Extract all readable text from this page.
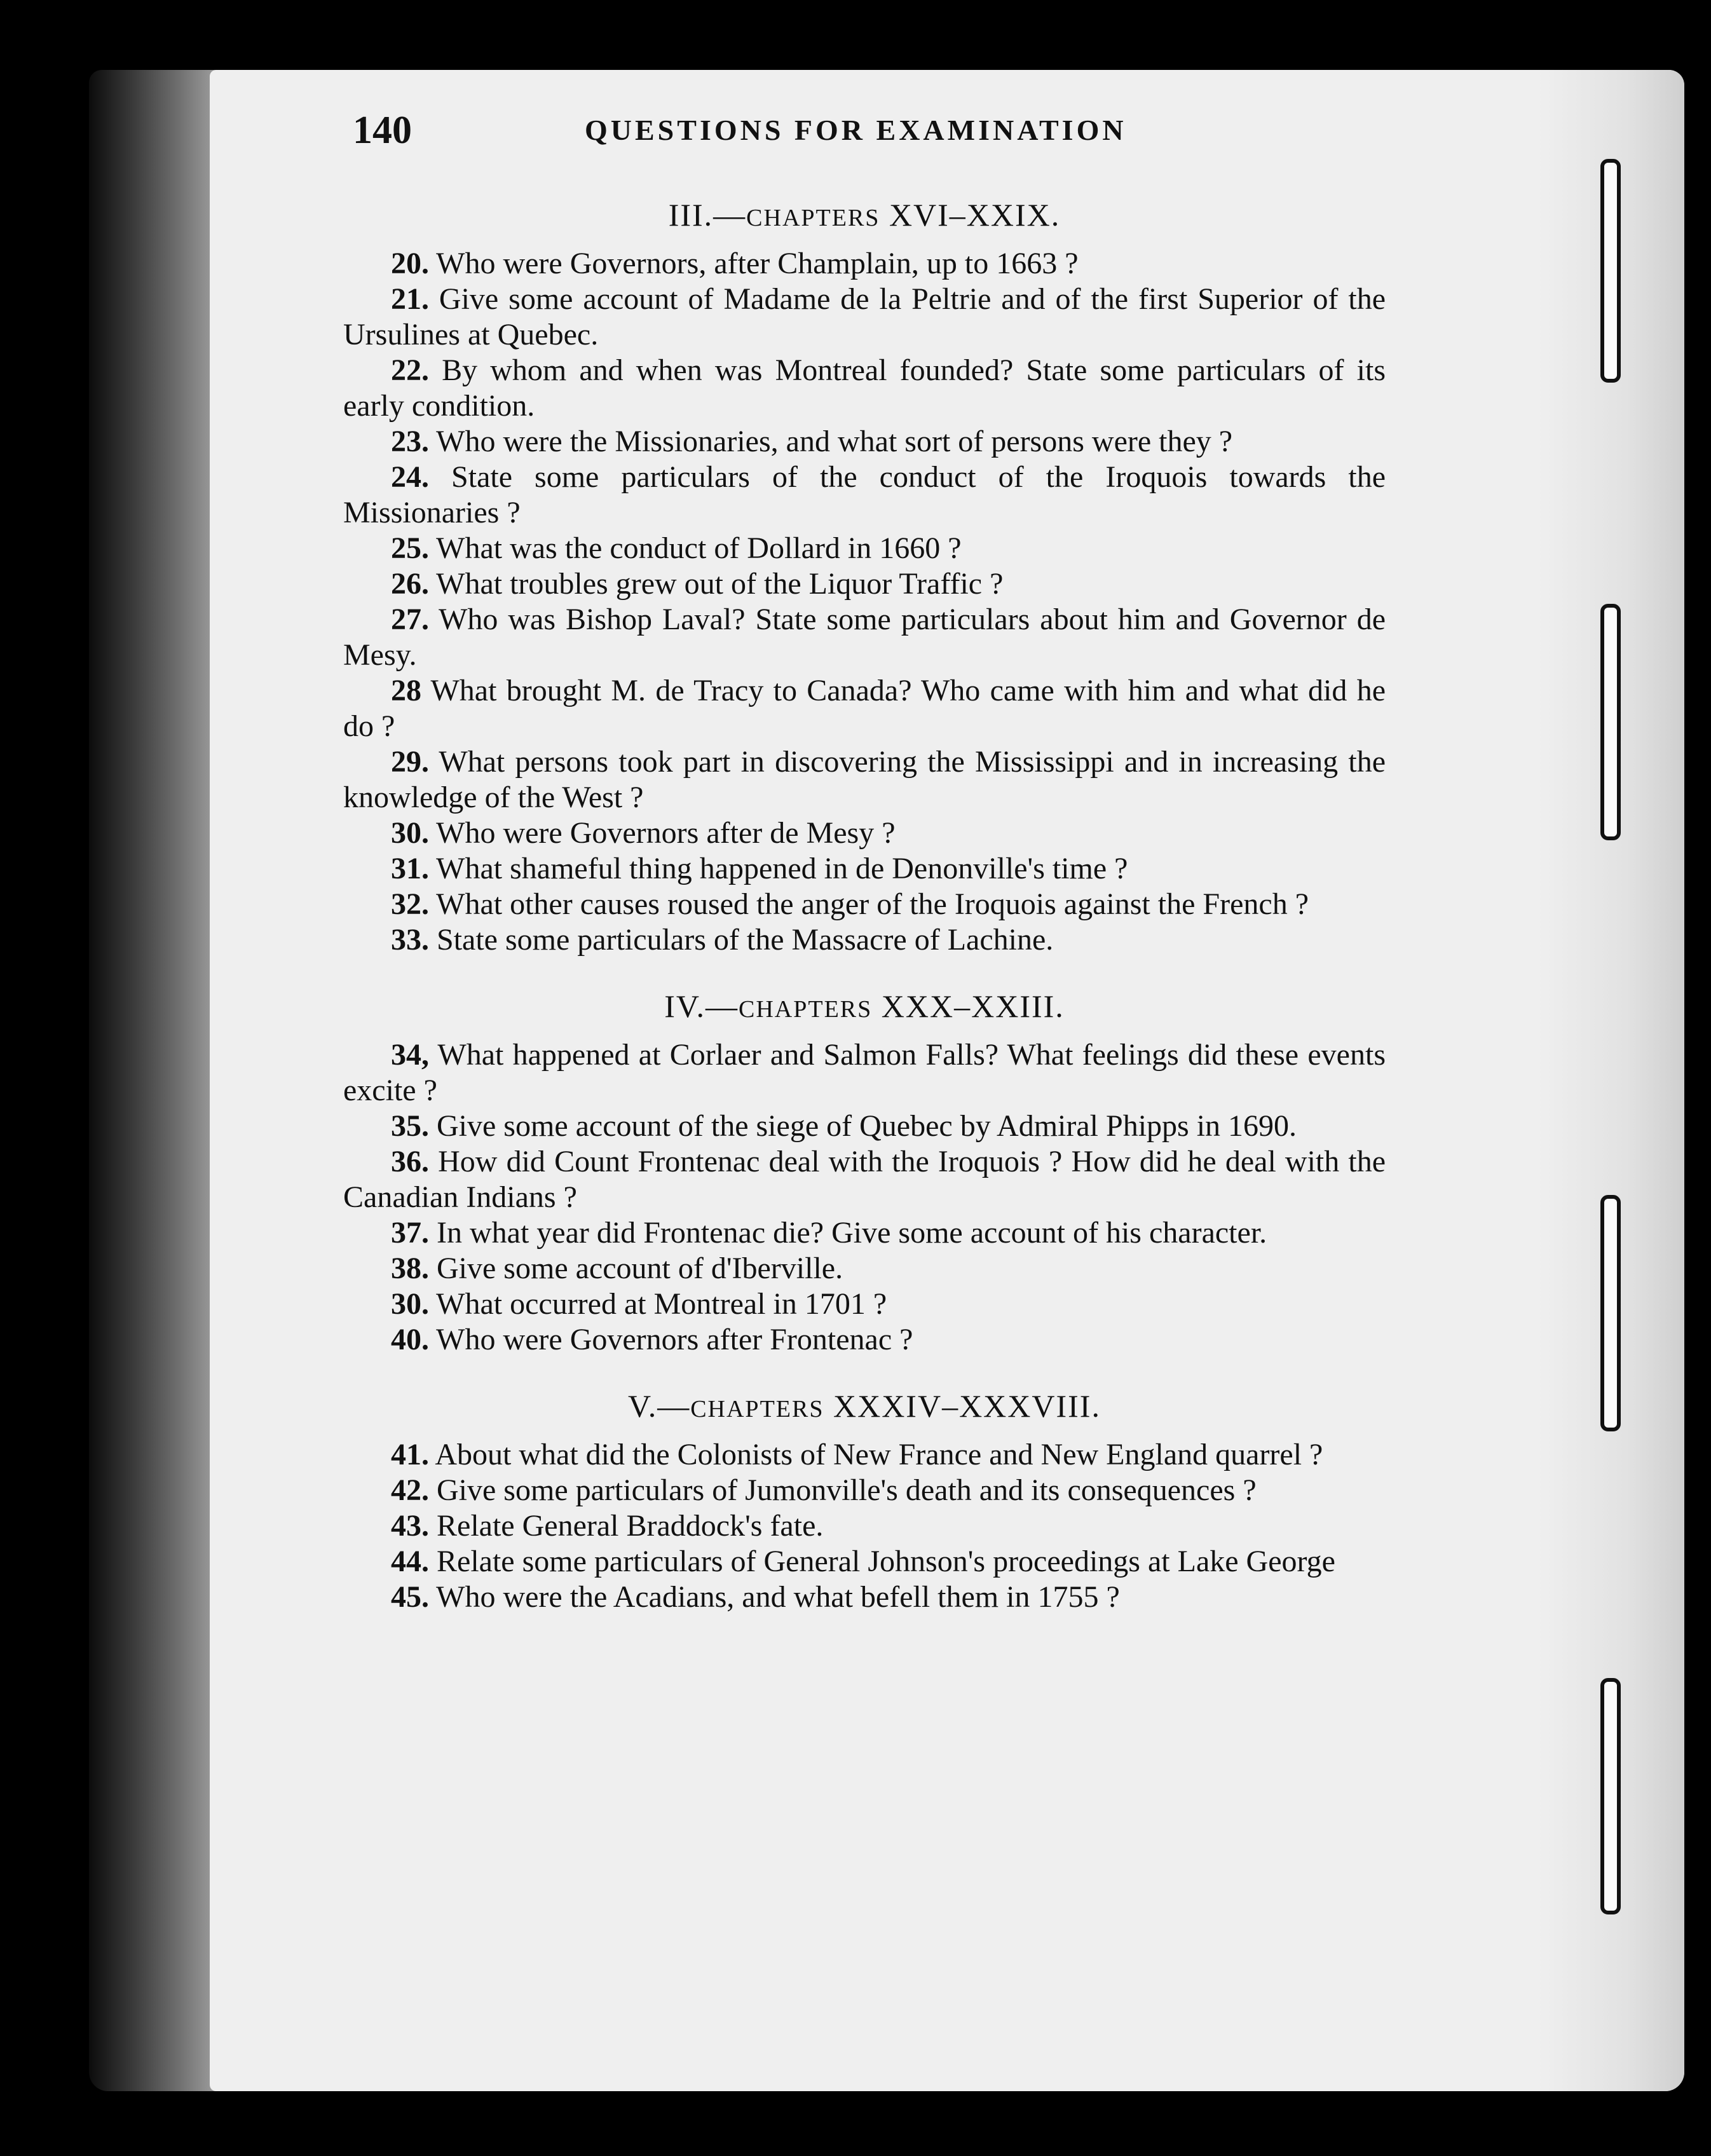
140	QUESTIONS FOR EXAMINATION
III.—CHAPTERS XVI–XXIX.

20. Who were Governors, after Champlain, up to 1663 ?

21. Give some account of Madame de la Peltrie and of the first Superior of the Ursulines at Quebec.

22. By whom and when was Montreal founded? State some particulars of its early condition.

23. Who were the Missionaries, and what sort of persons were they ?

24. State some particulars of the conduct of the Iroquois towards the Missionaries ?

25. What was the conduct of Dollard in 1660 ?

26. What troubles grew out of the Liquor Traffic ?

27. Who was Bishop Laval? State some particulars about him and Governor de Mesy.

28 What brought M. de Tracy to Canada? Who came with him and what did he do ?

29. What persons took part in discovering the Mississippi and in increasing the knowledge of the West ?

30. Who were Governors after de Mesy ?

31. What shameful thing happened in de Denonville's time ?

32. What other causes roused the anger of the Iroquois against the French ?

33. State some particulars of the Massacre of Lachine.

IV.—CHAPTERS XXX–XXIII.

34, What happened at Corlaer and Salmon Falls? What feelings did these events excite ?

35. Give some account of the siege of Quebec by Admiral Phipps in 1690.

36. How did Count Frontenac deal with the Iroquois ? How did he deal with the Canadian Indians ?

37. In what year did Frontenac die? Give some account of his character.

38. Give some account of d'Iberville.

30. What occurred at Montreal in 1701 ?

40. Who were Governors after Frontenac ?

V.—CHAPTERS XXXIV–XXXVIII.

41. About what did the Colonists of New France and New England quarrel ?

42. Give some particulars of Jumonville's death and its consequences ?

43. Relate General Braddock's fate.

44. Relate some particulars of General Johnson's proceedings at Lake George

45. Who were the Acadians, and what befell them in 1755 ?
